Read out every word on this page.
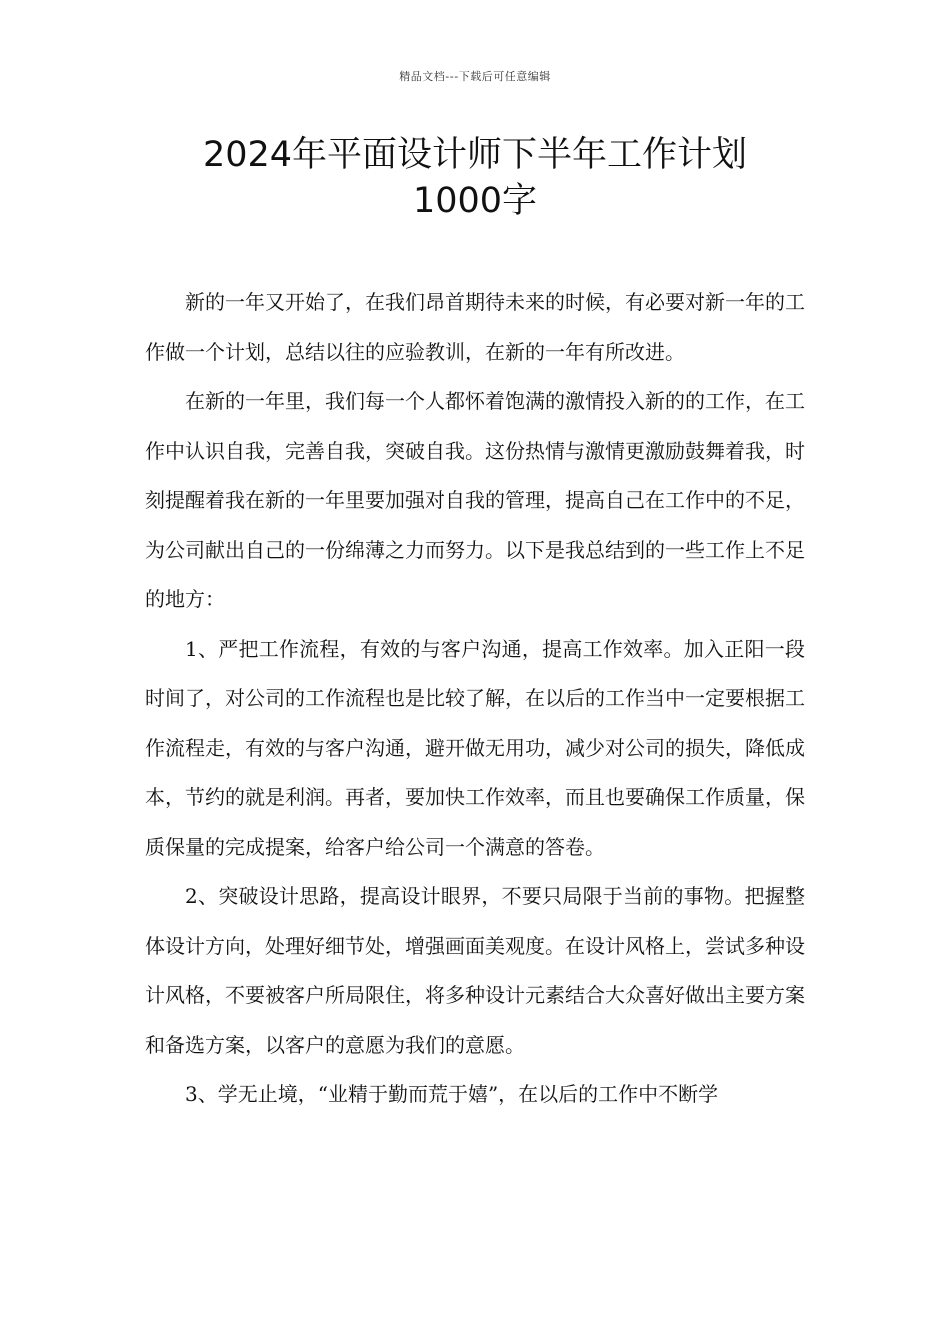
精品文档---下载后可任意编辑
2024年平面设计师下半年工作计划
1000字

新的一年又开始了，在我们昂首期待未来的时候，有必要对新一年的工作做一个计划，总结以往的应验教训，在新的一年有所改进。

在新的一年里，我们每一个人都怀着饱满的激情投入新的的工作，在工作中认识自我，完善自我，突破自我。这份热情与激情更激励鼓舞着我，时刻提醒着我在新的一年里要加强对自我的管理，提高自己在工作中的不足，为公司献出自己的一份绵薄之力而努力。以下是我总结到的一些工作上不足的地方：

1、严把工作流程，有效的与客户沟通，提高工作效率。加入正阳一段时间了，对公司的工作流程也是比较了解，在以后的工作当中一定要根据工作流程走，有效的与客户沟通，避开做无用功，减少对公司的损失，降低成本，节约的就是利润。再者，要加快工作效率，而且也要确保工作质量，保质保量的完成提案，给客户给公司一个满意的答卷。

2、突破设计思路，提高设计眼界，不要只局限于当前的事物。把握整体设计方向，处理好细节处，增强画面美观度。在设计风格上，尝试多种设计风格，不要被客户所局限住，将多种设计元素结合大众喜好做出主要方案和备选方案，以客户的意愿为我们的意愿。

3、学无止境，“业精于勤而荒于嬉”，在以后的工作中不断学
